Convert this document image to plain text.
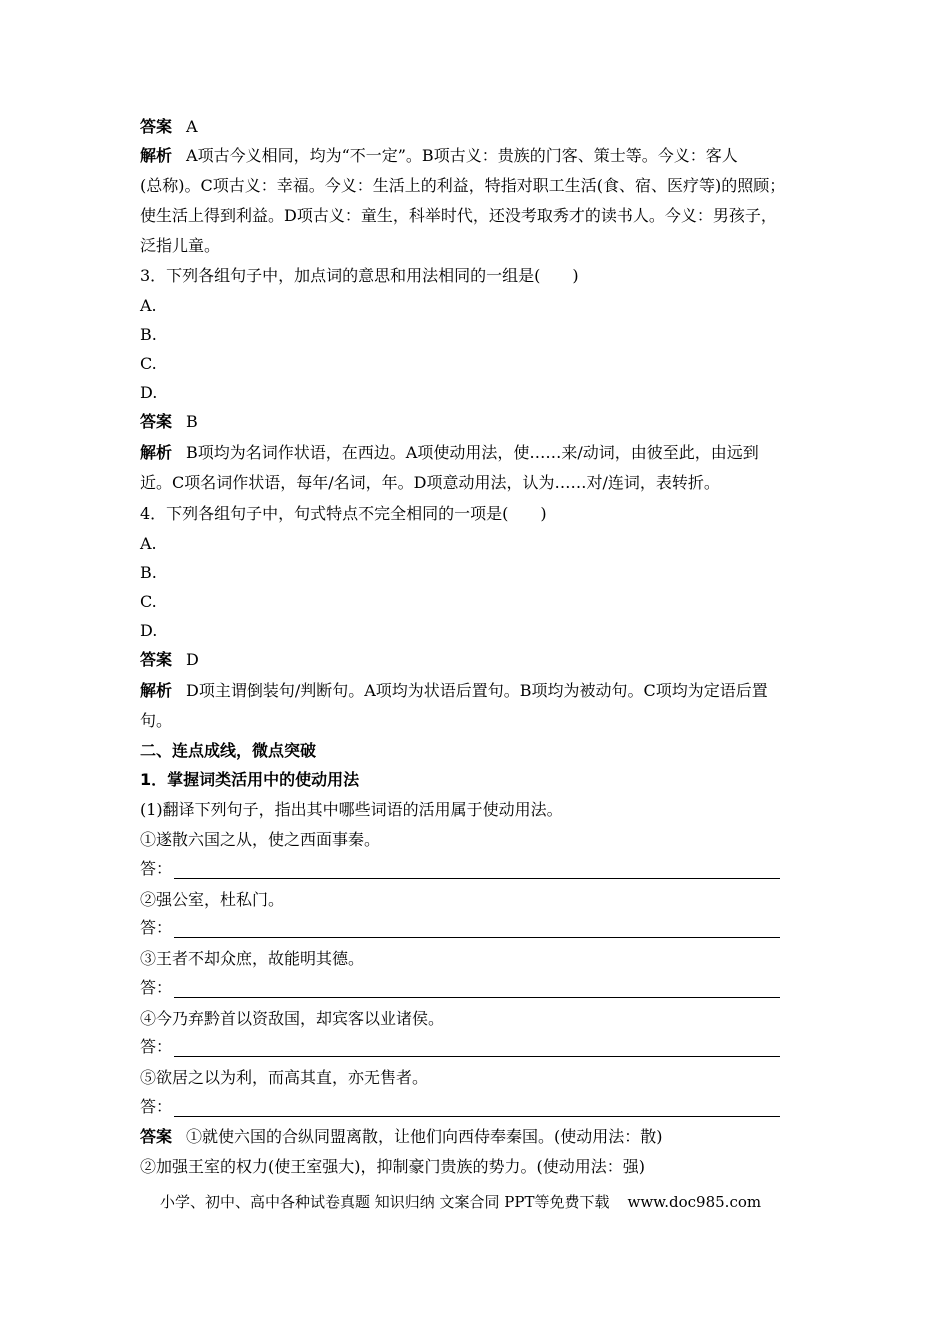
答案 A
解析 A项古今义相同，均为“不一定”。B项古义：贵族的门客、策士等。今义：客人
(总称)。C项古义：幸福。今义：生活上的利益，特指对职工生活(食、宿、医疗等)的照顾；
使生活上得到利益。D项古义：童生，科举时代，还没考取秀才的读书人。今义：男孩子，
泛指儿童。
3．下列各组句子中，加点词的意思和用法相同的一组是(　　)
A.
B.
C.
D.
答案 B
解析 B项均为名词作状语，在西边。A项使动用法，使……来/动词，由彼至此，由远到
近。C项名词作状语，每年/名词，年。D项意动用法，认为……对/连词，表转折。
4．下列各组句子中，句式特点不完全相同的一项是(　　)
A.
B.
C.
D.
答案 D
解析 D项主谓倒装句/判断句。A项均为状语后置句。B项均为被动句。C项均为定语后置
句。
二、连点成线，微点突破
1．掌握词类活用中的使动用法
(1)翻译下列句子，指出其中哪些词语的活用属于使动用法。
①遂散六国之从，使之西面事秦。
答：
②强公室，杜私门。
答：
③王者不却众庶，故能明其德。
答：
④今乃弃黔首以资敌国，却宾客以业诸侯。
答：
⑤欲居之以为利，而高其直，亦无售者。
答：
答案 ①就使六国的合纵同盟离散，让他们向西侍奉秦国。(使动用法：散)
②加强王室的权力(使王室强大)，抑制豪门贵族的势力。(使动用法：强)
小学、初中、高中各种试卷真题 知识归纳 文案合同 PPT等免费下载 www.doc985.com
